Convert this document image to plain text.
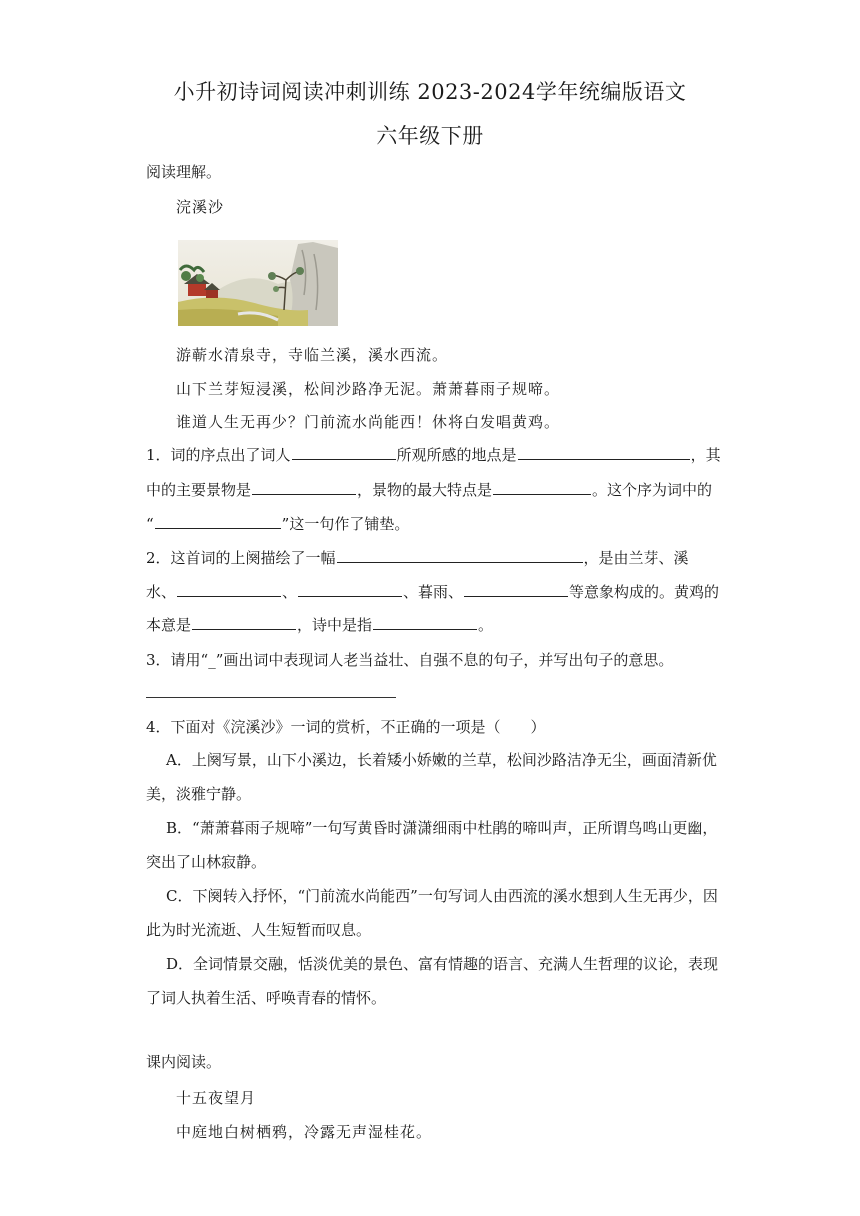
小升初诗词阅读冲刺训练 2023-2024学年统编版语文
六年级下册
阅读理解。
浣溪沙
游蕲水清泉寺，寺临兰溪，溪水西流。
山下兰芽短浸溪，松间沙路净无泥。萧萧暮雨子规啼。
谁道人生无再少？门前流水尚能西！休将白发唱黄鸡。
1．词的序点出了词人	所观所感的地点是	，其
中的主要景物是	，景物的最大特点是	。这个序为词中的
“	”这一句作了铺垫。
2．这首词的上阕描绘了一幅	，是由兰芽、溪
水、	、	、暮雨、	等意象构成的。黄鸡的
本意是	，诗中是指	。
3．请用“_”画出词中表现词人老当益壮、自强不息的句子，并写出句子的意思。
4．下面对《浣溪沙》一词的赏析，不正确的一项是（ ）
A．上阕写景，山下小溪边，长着矮小娇嫩的兰草，松间沙路洁净无尘，画面清新优
美，淡雅宁静。
B．“萧萧暮雨子规啼”一句写黄昏时潇潇细雨中杜鹃的啼叫声，正所谓鸟鸣山更幽，
突出了山林寂静。
C．下阕转入抒怀，“门前流水尚能西”一句写词人由西流的溪水想到人生无再少，因
此为时光流逝、人生短暂而叹息。
D．全词情景交融，恬淡优美的景色、富有情趣的语言、充满人生哲理的议论，表现
了词人执着生活、呼唤青春的情怀。
课内阅读。
十五夜望月
中庭地白树栖鸦，冷露无声湿桂花。
